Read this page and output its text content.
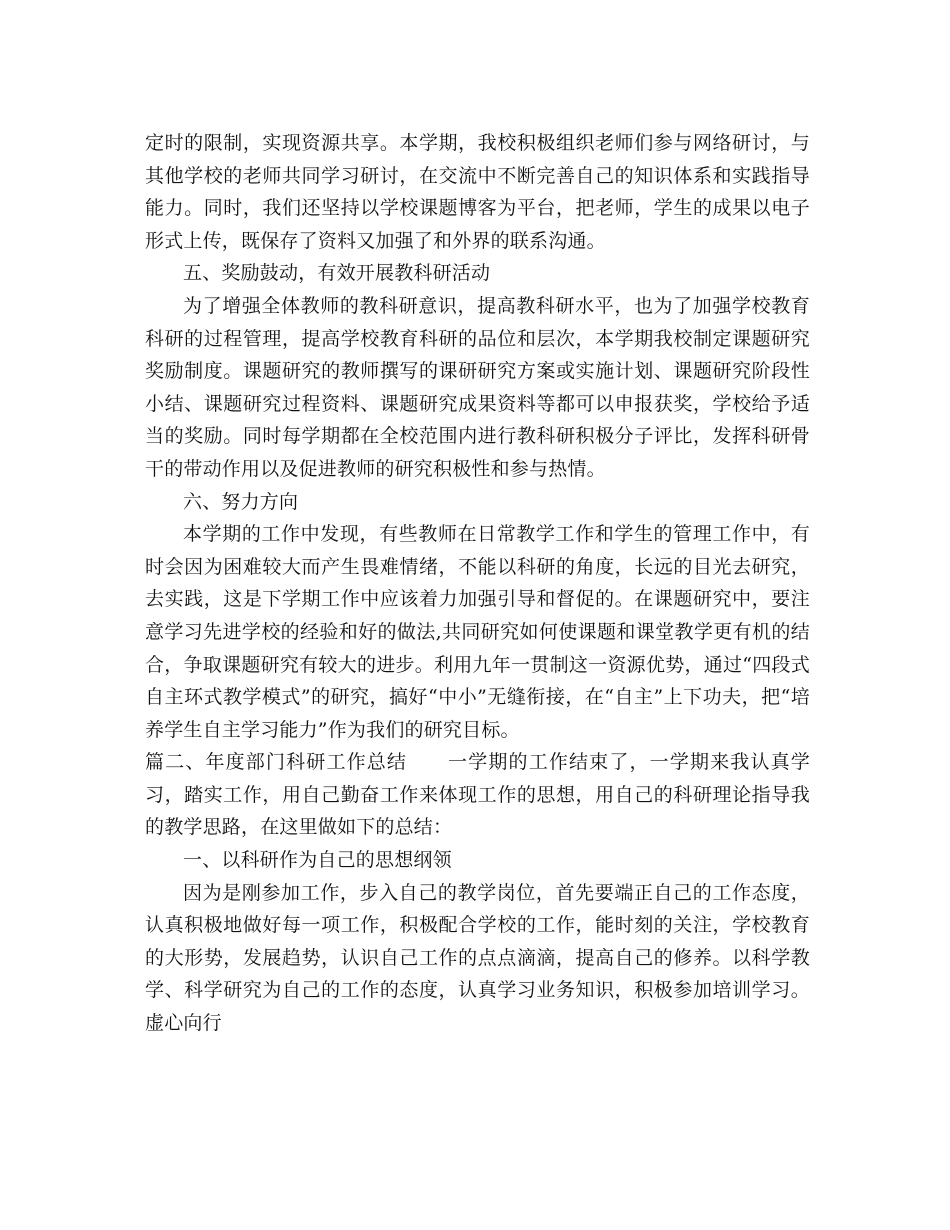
定时的限制，实现资源共享。本学期，我校积极组织老师们参与网络研讨，与其他学校的老师共同学习研讨，在交流中不断完善自己的知识体系和实践指导能力。同时，我们还坚持以学校课题博客为平台，把老师，学生的成果以电子形式上传，既保存了资料又加强了和外界的联系沟通。

五、奖励鼓动，有效开展教科研活动

为了增强全体教师的教科研意识，提高教科研水平，也为了加强学校教育科研的过程管理，提高学校教育科研的品位和层次，本学期我校制定课题研究奖励制度。课题研究的教师撰写的课研研究方案或实施计划、课题研究阶段性小结、课题研究过程资料、课题研究成果资料等都可以申报获奖，学校给予适当的奖励。同时每学期都在全校范围内进行教科研积极分子评比，发挥科研骨干的带动作用以及促进教师的研究积极性和参与热情。

六、努力方向

本学期的工作中发现，有些教师在日常教学工作和学生的管理工作中，有时会因为困难较大而产生畏难情绪，不能以科研的角度，长远的目光去研究，去实践，这是下学期工作中应该着力加强引导和督促的。在课题研究中，要注意学习先进学校的经验和好的做法,共同研究如何使课题和课堂教学更有机的结合，争取课题研究有较大的进步。利用九年一贯制这一资源优势，通过“四段式自主环式教学模式”的研究，搞好“中小”无缝衔接，在“自主”上下功夫，把“培养学生自主学习能力”作为我们的研究目标。

篇二、年度部门科研工作总结 一学期的工作结束了，一学期来我认真学习，踏实工作，用自己勤奋工作来体现工作的思想，用自己的科研理论指导我的教学思路，在这里做如下的总结：

一、以科研作为自己的思想纲领

因为是刚参加工作，步入自己的教学岗位，首先要端正自己的工作态度，认真积极地做好每一项工作，积极配合学校的工作，能时刻的关注，学校教育的大形势，发展趋势，认识自己工作的点点滴滴，提高自己的修养。以科学教学、科学研究为自己的工作的态度，认真学习业务知识，积极参加培训学习。虚心向行
